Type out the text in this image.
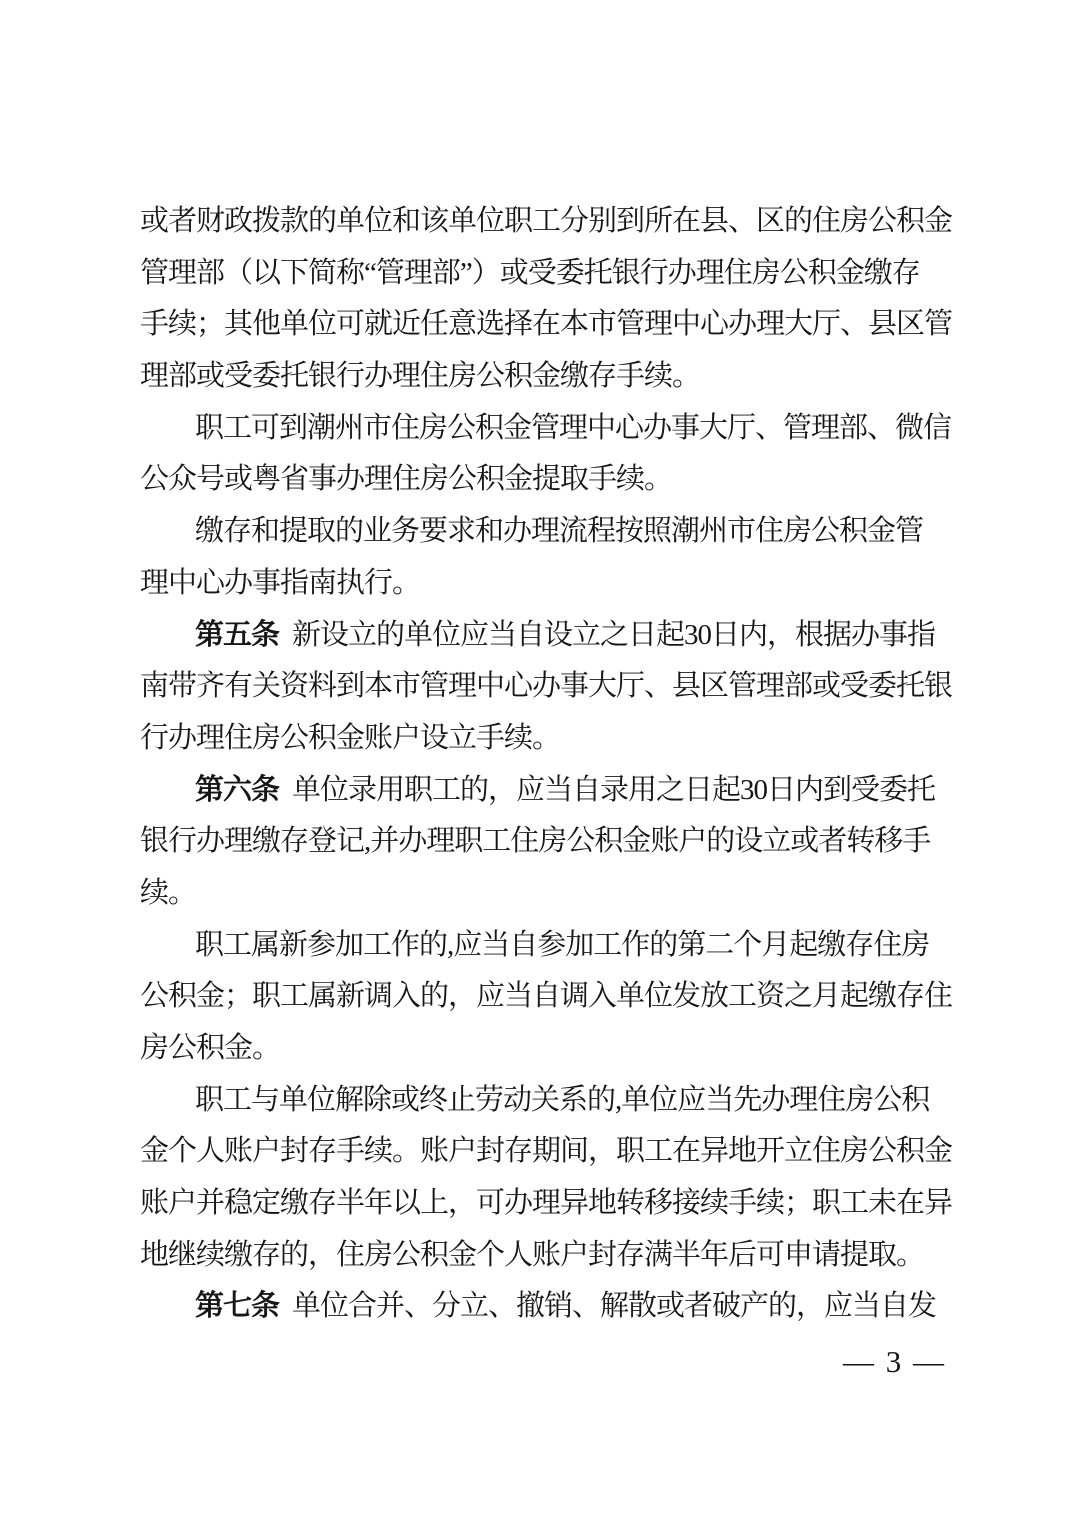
或者财政拨款的单位和该单位职工分别到所在县、区的住房公积金
管理部（以下简称“管理部”）或受委托银行办理住房公积金缴存
手续；其他单位可就近任意选择在本市管理中心办理大厅、县区管
理部或受委托银行办理住房公积金缴存手续。
职工可到潮州市住房公积金管理中心办事大厅、管理部、微信
公众号或粤省事办理住房公积金提取手续。
缴存和提取的业务要求和办理流程按照潮州市住房公积金管
理中心办事指南执行。
第五条 新设立的单位应当自设立之日起30日内，根据办事指
南带齐有关资料到本市管理中心办事大厅、县区管理部或受委托银
行办理住房公积金账户设立手续。
第六条 单位录用职工的，应当自录用之日起30日内到受委托
银行办理缴存登记,并办理职工住房公积金账户的设立或者转移手
续。
职工属新参加工作的,应当自参加工作的第二个月起缴存住房
公积金；职工属新调入的，应当自调入单位发放工资之月起缴存住
房公积金。
职工与单位解除或终止劳动关系的,单位应当先办理住房公积
金个人账户封存手续。账户封存期间，职工在异地开立住房公积金
账户并稳定缴存半年以上，可办理异地转移接续手续；职工未在异
地继续缴存的，住房公积金个人账户封存满半年后可申请提取。
第七条 单位合并、分立、撤销、解散或者破产的，应当自发
— 3 —
